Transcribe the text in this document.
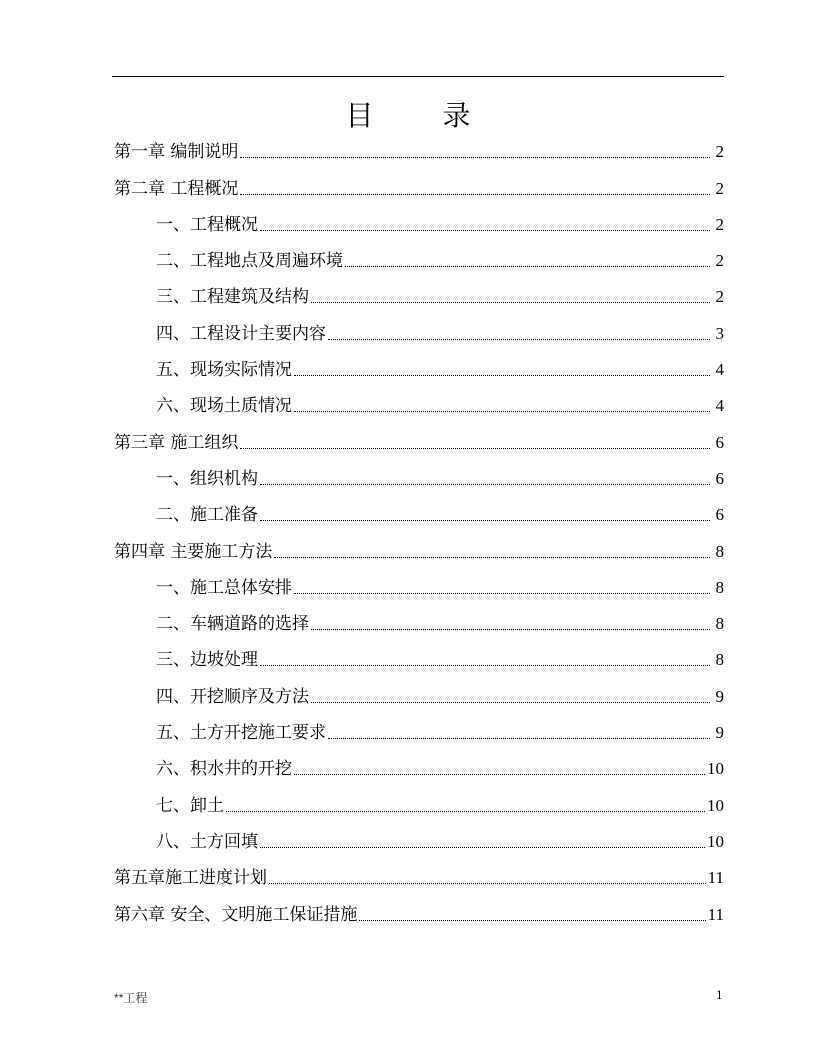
目 录
第一章 编制说明	2
第二章 工程概况	2
一、工程概况	2
二、工程地点及周遍环境	2
三、工程建筑及结构	2
四、工程设计主要内容	3
五、现场实际情况	4
六、现场土质情况	4
第三章 施工组织	6
一、组织机构	6
二、施工准备	6
第四章 主要施工方法	8
一、施工总体安排	8
二、车辆道路的选择	8
三、边坡处理	8
四、开挖顺序及方法	9
五、土方开挖施工要求	9
六、积水井的开挖	10
七、卸土	10
八、土方回填	10
第五章施工进度计划	11
第六章 安全、文明施工保证措施	11
**工程	1
